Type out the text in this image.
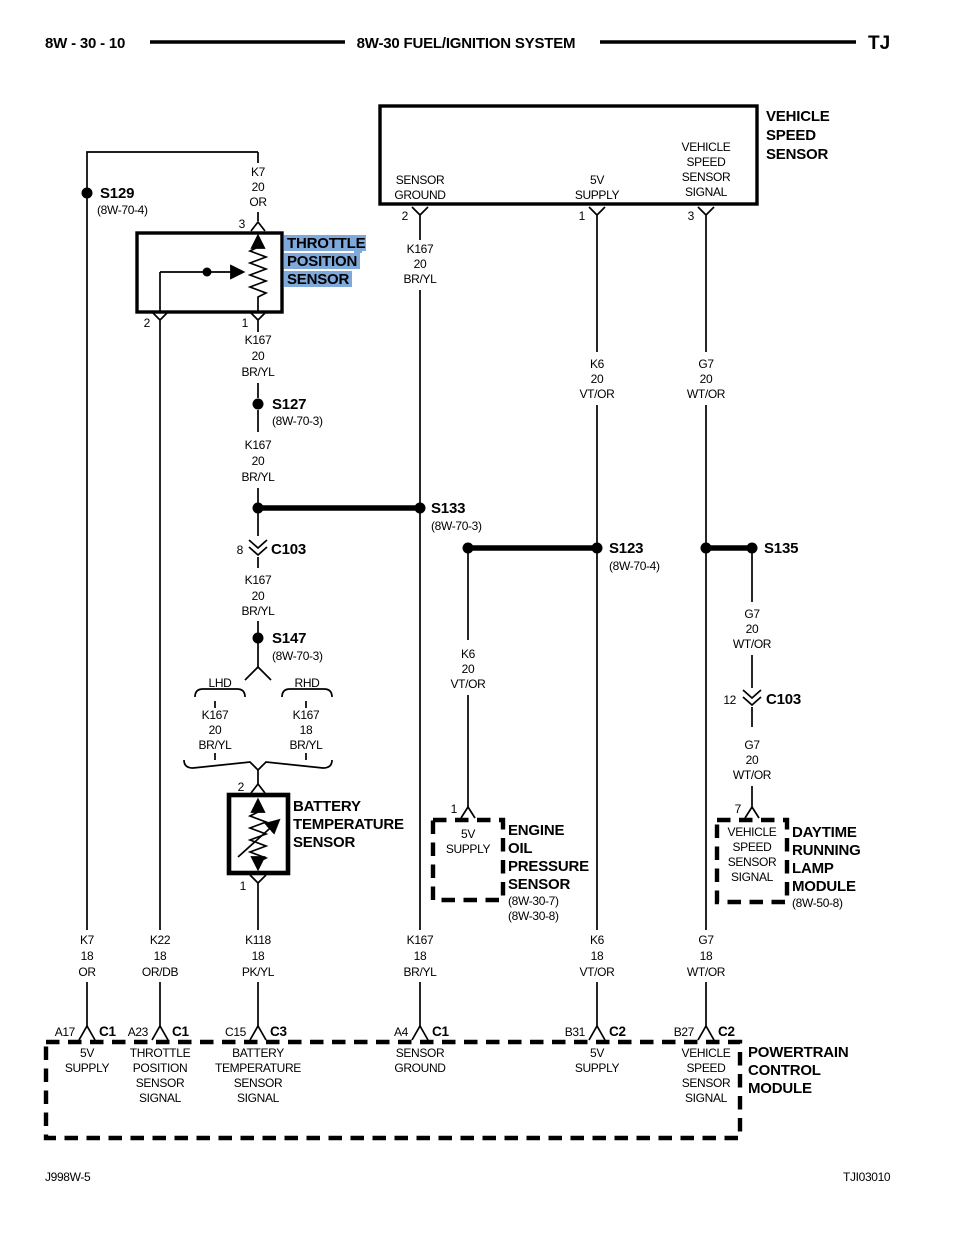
8W - 30 - 10	8W-30 FUEL/IGNITION SYSTEM	TJ
VEHICLE
SPEED
SENSOR
SENSOR
GROUND
5V
SUPPLY
VEHICLE
SPEED
SENSOR
SIGNAL
2	1	3
K7
20
OR
S129
(8W-70-4)
3
2	1
THROTTLE
POSITION
SENSOR
K167
20
BR/YL
S127
(8W-70-3)
K167
20
BR/YL
S133
(8W-70-3)
8 C103
K167
20
BR/YL
S147
(8W-70-3)
LHD	RHD
K167
20
BR/YL
K167
18
BR/YL
2
1
BATTERY
TEMPERATURE
SENSOR
K167
20
BR/YL
K6
20
VT/OR
G7
20
WT/OR
S123
(8W-70-4)
S135
K6
20
VT/OR
1
5V
SUPPLY
ENGINE
OIL
PRESSURE
SENSOR
(8W-30-7)
(8W-30-8)
G7
20
WT/OR
12 C103
G7
20
WT/OR
7
VEHICLE
SPEED
SENSOR
SIGNAL
DAYTIME
RUNNING
LAMP
MODULE
(8W-50-8)
K7
18
OR
K22
18
OR/DB
K118
18
PK/YL
K167
18
BR/YL
K6
18
VT/OR
G7
18
WT/OR
A17 C1 A23 C1	C15 C3	A4 C1	B31 C2	B27 C2
5V
SUPPLY
THROTTLE
POSITION
SENSOR
SIGNAL
BATTERY
TEMPERATURE
SENSOR
SIGNAL
SENSOR
GROUND
5V
SUPPLY
VEHICLE
SPEED
SENSOR
SIGNAL
POWERTRAIN
CONTROL
MODULE
J998W-5	TJI03010
